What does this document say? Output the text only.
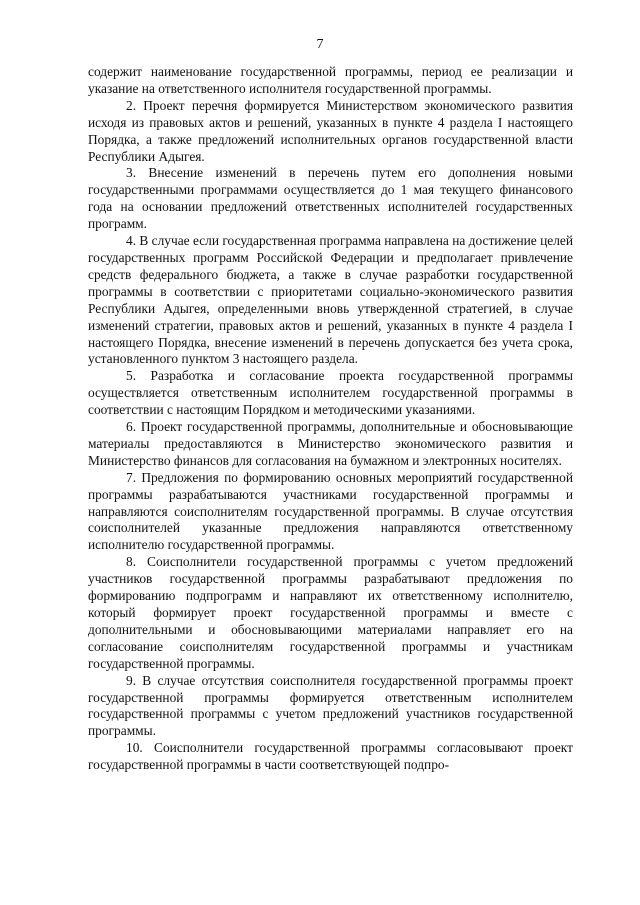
7

содержит наименование государственной программы, период ее реализации и указание на ответственного исполнителя государственной программы.

2. Проект перечня формируется Министерством экономического развития исходя из правовых актов и решений, указанных в пункте 4 раздела I настоящего Порядка, а также предложений исполнительных органов государственной власти Республики Адыгея.

3. Внесение изменений в перечень путем его дополнения новыми государственными программами осуществляется до 1 мая текущего финансового года на основании предложений ответственных исполнителей государственных программ.

4. В случае если государственная программа направлена на достижение целей государственных программ Российской Федерации и предполагает привлечение средств федерального бюджета, а также в случае разработки государственной программы в соответствии с приоритетами социально-экономического развития Республики Адыгея, определенными вновь утвержденной стратегией, в случае изменений стратегии, правовых актов и решений, указанных в пункте 4 раздела I настоящего Порядка, внесение изменений в перечень допускается без учета срока, установленного пунктом 3 настоящего раздела.

5. Разработка и согласование проекта государственной программы осуществляется ответственным исполнителем государственной программы в соответствии с настоящим Порядком и методическими указаниями.

6. Проект государственной программы, дополнительные и обосновывающие материалы предоставляются в Министерство экономического развития и Министерство финансов для согласования на бумажном и электронных носителях.

7. Предложения по формированию основных мероприятий государственной программы разрабатываются участниками государственной программы и направляются соисполнителям государственной программы. В случае отсутствия соисполнителей указанные предложения направляются ответственному исполнителю государственной программы.

8. Соисполнители государственной программы с учетом предложений участников государственной программы разрабатывают предложения по формированию подпрограмм и направляют их ответственному исполнителю, который формирует проект государственной программы и вместе с дополнительными и обосновывающими материалами направляет его на согласование соисполнителям государственной программы и участникам государственной программы.

9. В случае отсутствия соисполнителя государственной программы проект государственной программы формируется ответственным исполнителем государственной программы с учетом предложений участников государственной программы.

10. Соисполнители государственной программы согласовывают проект государственной программы в части соответствующей подпро-
